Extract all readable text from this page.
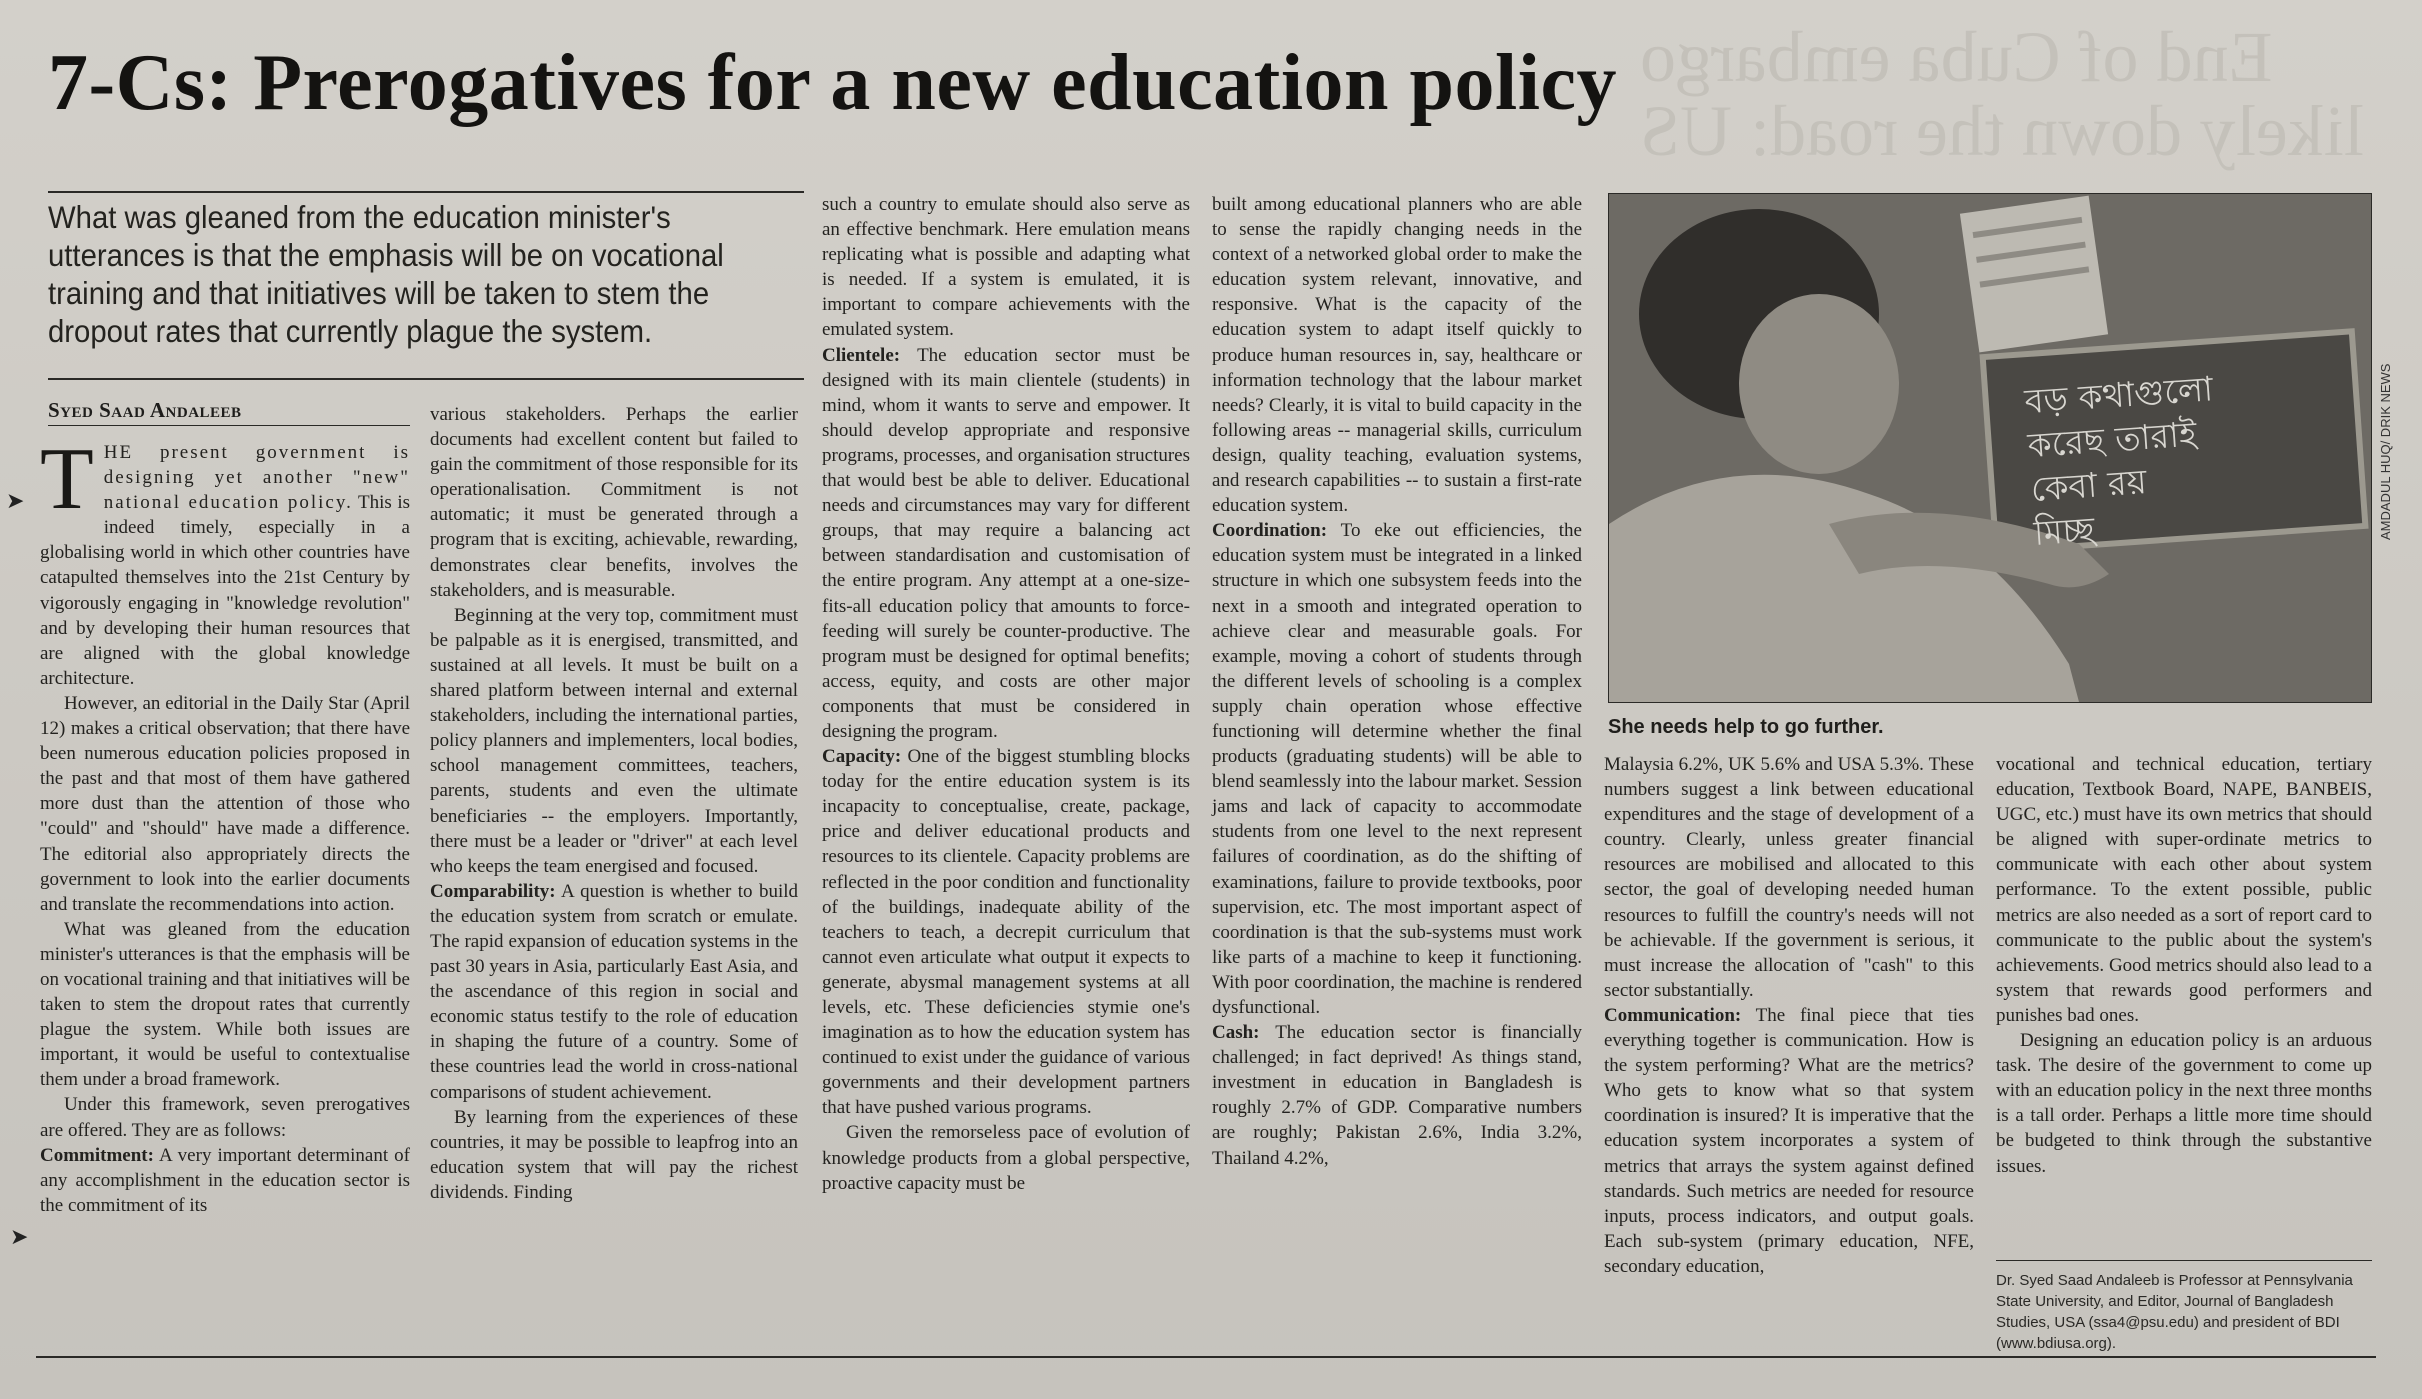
End of Cuba embargo likely down the road: US
7-Cs: Prerogatives for a new education policy

What was gleaned from the education minister's utterances is that the emphasis will be on vocational training and that initiatives will be taken to stem the dropout rates that currently plague the system.

Syed Saad Andaleeb

➤
➤

THE present government is designing yet another "new" national education policy. This is indeed timely, especially in a globalising world in which other countries have catapulted themselves into the 21st Century by vigorously engaging in "knowledge revolution" and by developing their human resources that are aligned with the global knowledge architecture.

However, an editorial in the Daily Star (April 12) makes a critical observation; that there have been numerous education policies proposed in the past and that most of them have gathered more dust than the attention of those who "could" and "should" have made a difference. The editorial also appropriately directs the government to look into the earlier documents and translate the recommendations into action.

What was gleaned from the education minister's utterances is that the emphasis will be on vocational training and that initiatives will be taken to stem the dropout rates that currently plague the system. While both issues are important, it would be useful to contextualise them under a broad framework.

Under this framework, seven prerogatives are offered. They are as follows:

Commitment: A very important determinant of any accomplishment in the education sector is the commitment of its

various stakeholders. Perhaps the earlier documents had excellent content but failed to gain the commitment of those responsible for its operationalisation. Commitment is not automatic; it must be generated through a program that is exciting, achievable, rewarding, demonstrates clear benefits, involves the stakeholders, and is measurable.

Beginning at the very top, commitment must be palpable as it is energised, transmitted, and sustained at all levels. It must be built on a shared platform between internal and external stakeholders, including the international parties, policy planners and implementers, local bodies, school management committees, teachers, parents, students and even the ultimate beneficiaries -- the employers. Importantly, there must be a leader or "driver" at each level who keeps the team energised and focused.

Comparability: A question is whether to build the education system from scratch or emulate. The rapid expansion of education systems in the past 30 years in Asia, particularly East Asia, and the ascendance of this region in social and economic status testify to the role of education in shaping the future of a country. Some of these countries lead the world in cross-national comparisons of student achievement.

By learning from the experiences of these countries, it may be possible to leapfrog into an education system that will pay the richest dividends. Finding

such a country to emulate should also serve as an effective benchmark. Here emulation means replicating what is possible and adapting what is needed. If a system is emulated, it is important to compare achievements with the emulated system.

Clientele: The education sector must be designed with its main clientele (students) in mind, whom it wants to serve and empower. It should develop appropriate and responsive programs, processes, and organisation structures that would best be able to deliver. Educational needs and circumstances may vary for different groups, that may require a balancing act between standardisation and customisation of the entire program. Any attempt at a one-size-fits-all education policy that amounts to force-feeding will surely be counter-productive. The program must be designed for optimal benefits; access, equity, and costs are other major components that must be considered in designing the program.

Capacity: One of the biggest stumbling blocks today for the entire education system is its incapacity to conceptualise, create, package, price and deliver educational products and resources to its clientele. Capacity problems are reflected in the poor condition and functionality of the buildings, inadequate ability of the teachers to teach, a decrepit curriculum that cannot even articulate what output it expects to generate, abysmal management systems at all levels, etc. These deficiencies stymie one's imagination as to how the education system has continued to exist under the guidance of various governments and their development partners that have pushed various programs.

Given the remorseless pace of evolution of knowledge products from a global perspective, proactive capacity must be

built among educational planners who are able to sense the rapidly changing needs in the context of a networked global order to make the education system relevant, innovative, and responsive. What is the capacity of the education system to adapt itself quickly to produce human resources in, say, healthcare or information technology that the labour market needs? Clearly, it is vital to build capacity in the following areas -- managerial skills, curriculum design, quality teaching, evaluation systems, and research capabilities -- to sustain a first-rate education system.

Coordination: To eke out efficiencies, the education system must be integrated in a linked structure in which one subsystem feeds into the next in a smooth and integrated operation to achieve clear and measurable goals. For example, moving a cohort of students through the different levels of schooling is a complex supply chain operation whose effective functioning will determine whether the final products (graduating students) will be able to blend seamlessly into the labour market. Session jams and lack of capacity to accommodate students from one level to the next represent failures of coordination, as do the shifting of examinations, failure to provide textbooks, poor supervision, etc. The most important aspect of coordination is that the sub-systems must work like parts of a machine to keep it functioning. With poor coordination, the machine is rendered dysfunctional.

Cash: The education sector is financially challenged; in fact deprived! As things stand, investment in education in Bangladesh is roughly 2.7% of GDP. Comparative numbers are roughly; Pakistan 2.6%, India 3.2%, Thailand 4.2%,

বড় কথাগুলো
করেছ তারাই
কেবা রয়
মিচ্ছ	AMDADUL HUQ/ DRIK NEWS

She needs help to go further.

Malaysia 6.2%, UK 5.6% and USA 5.3%. These numbers suggest a link between educational expenditures and the stage of development of a country. Clearly, unless greater financial resources are mobilised and allocated to this sector, the goal of developing needed human resources to fulfill the country's needs will not be achievable. If the government is serious, it must increase the allocation of "cash" to this sector substantially.

Communication: The final piece that ties everything together is communication. How is the system performing? What are the metrics? Who gets to know what so that system coordination is insured? It is imperative that the education system incorporates a system of metrics that arrays the system against defined standards. Such metrics are needed for resource inputs, process indicators, and output goals. Each sub-system (primary education, NFE, secondary education,

vocational and technical education, tertiary education, Textbook Board, NAPE, BANBEIS, UGC, etc.) must have its own metrics that should be aligned with super-ordinate metrics to communicate with each other about system performance. To the extent possible, public metrics are also needed as a sort of report card to communicate to the public about the system's achievements. Good metrics should also lead to a system that rewards good performers and punishes bad ones.

Designing an education policy is an arduous task. The desire of the government to come up with an education policy in the next three months is a tall order. Perhaps a little more time should be budgeted to think through the substantive issues.

Dr. Syed Saad Andaleeb is Professor at Pennsylvania State University, and Editor, Journal of Bangladesh Studies, USA (ssa4@psu.edu) and president of BDI (www.bdiusa.org).
